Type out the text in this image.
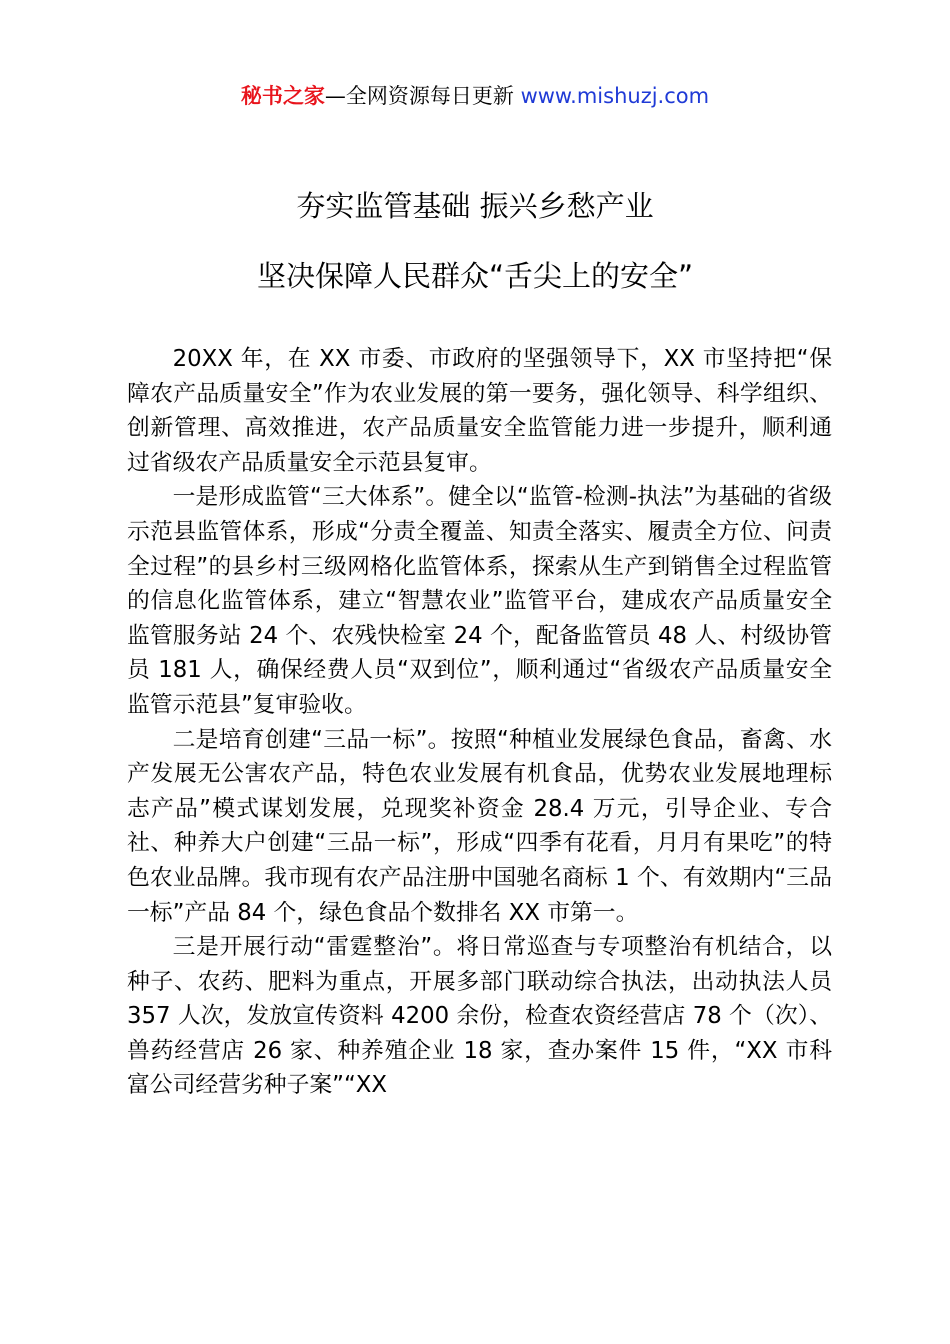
秘书之家—全网资源每日更新 www.mishuzj.com
夯实监管基础 振兴乡愁产业
坚决保障人民群众“舌尖上的安全”

20XX 年，在 XX 市委、市政府的坚强领导下，XX 市坚持把“保障农产品质量安全”作为农业发展的第一要务，强化领导、科学组织、创新管理、高效推进，农产品质量安全监管能力进一步提升，顺利通过省级农产品质量安全示范县复审。

一是形成监管“三大体系”。健全以“监管-检测-执法”为基础的省级示范县监管体系，形成“分责全覆盖、知责全落实、履责全方位、问责全过程”的县乡村三级网格化监管体系，探索从生产到销售全过程监管的信息化监管体系，建立“智慧农业”监管平台，建成农产品质量安全监管服务站 24 个、农残快检室 24 个，配备监管员 48 人、村级协管员 181 人，确保经费人员“双到位”，顺利通过“省级农产品质量安全监管示范县”复审验收。

二是培育创建“三品一标”。按照“种植业发展绿色食品，畜禽、水产发展无公害农产品，特色农业发展有机食品，优势农业发展地理标志产品”模式谋划发展，兑现奖补资金 28.4 万元，引导企业、专合社、种养大户创建“三品一标”，形成“四季有花看，月月有果吃”的特色农业品牌。我市现有农产品注册中国驰名商标 1 个、有效期内“三品一标”产品 84 个，绿色食品个数排名 XX 市第一。

三是开展行动“雷霆整治”。将日常巡查与专项整治有机结合，以种子、农药、肥料为重点，开展多部门联动综合执法，出动执法人员 357 人次，发放宣传资料 4200 余份，检查农资经营店 78 个（次）、兽药经营店 26 家、种养殖企业 18 家，查办案件 15 件，“XX 市科富公司经营劣种子案”“XX
